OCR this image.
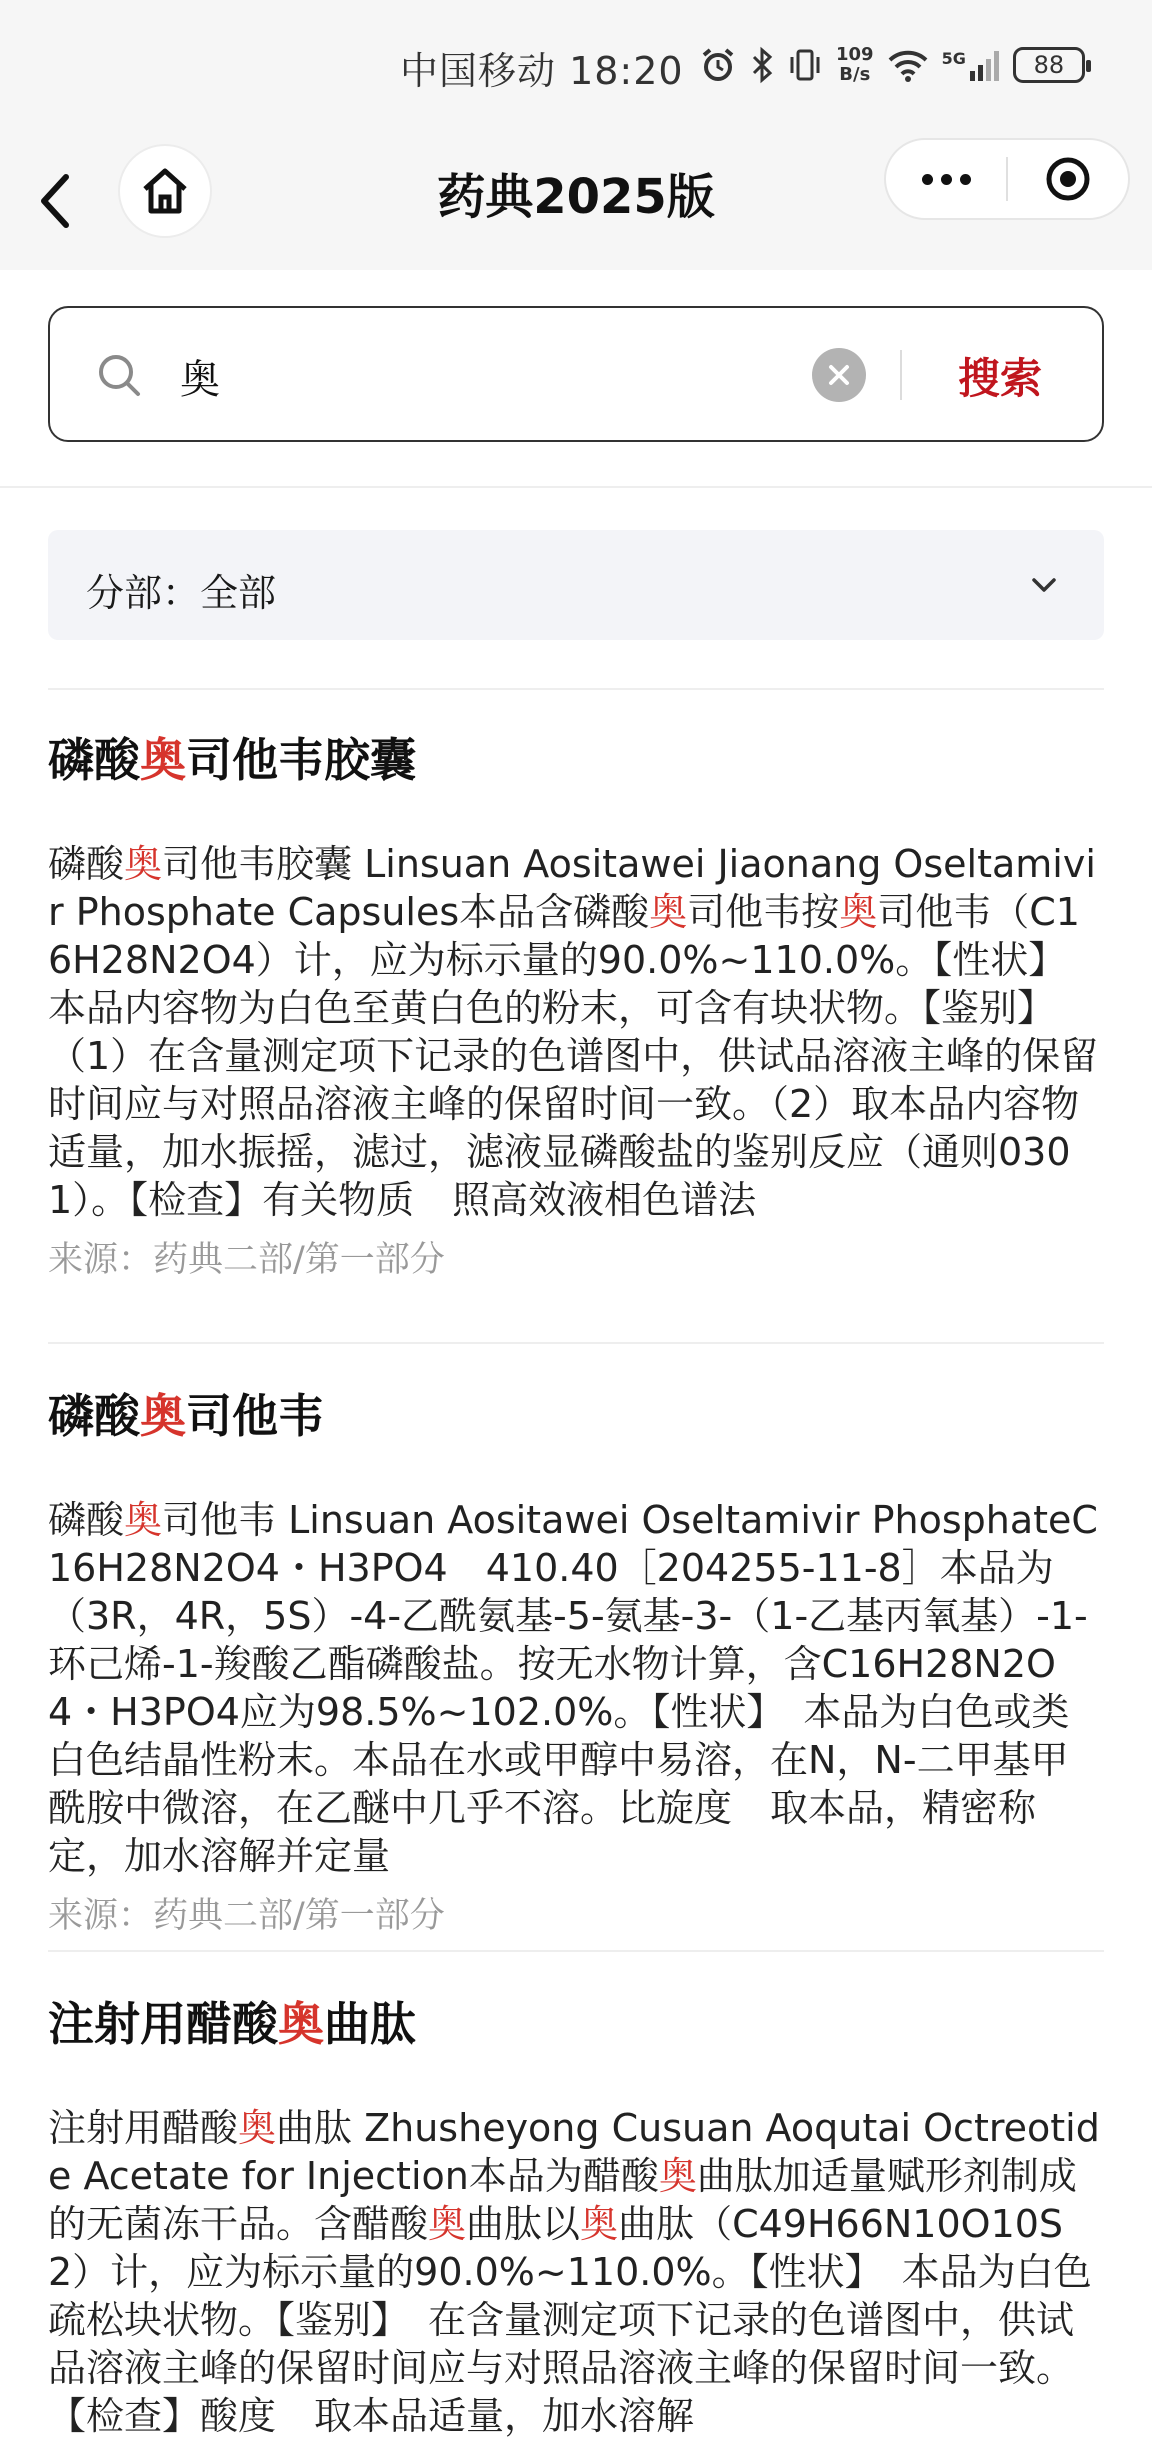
中国移动 18:20	109
B/s
5G	88
药典2025版
奥
搜索
分部：全部
磷酸奥司他韦胶囊
磷酸奥司他韦胶囊 Linsuan Aositawei Jiaonang Oseltamivir Phosphate Capsules本品含磷酸奥司他韦按奥司他韦（C16H28N2O4）计，应为标示量的90.0%~110.0%。【性状】　本品内容物为白色至黄白色的粉末，可含有块状物。【鉴别】　（1）在含量测定项下记录的色谱图中，供试品溶液主峰的保留时间应与对照品溶液主峰的保留时间一致。（2）取本品内容物适量，加水振摇，滤过，滤液显磷酸盐的鉴别反应（通则0301）。【检查】有关物质　照高效液相色谱法
来源：药典二部/第一部分
磷酸奥司他韦
磷酸奥司他韦 Linsuan Aositawei Oseltamivir PhosphateC16H28N2O4・H3PO4　410.40［204255-11-8］本品为（3R，4R，5S）-4-乙酰氨基-5-氨基-3-（1-乙基丙氧基）-1-环己烯-1-羧酸乙酯磷酸盐。按无水物计算，含C16H28N2O4・H3PO4应为98.5%~102.0%。【性状】　本品为白色或类白色结晶性粉末。本品在水或甲醇中易溶，在N，N-二甲基甲酰胺中微溶，在乙醚中几乎不溶。比旋度　取本品，精密称定，加水溶解并定量
来源：药典二部/第一部分
注射用醋酸奥曲肽
注射用醋酸奥曲肽 Zhusheyong Cusuan Aoqutai Octreotide Acetate for Injection本品为醋酸奥曲肽加适量赋形剂制成的无菌冻干品。含醋酸奥曲肽以奥曲肽（C49H66N10O10S2）计，应为标示量的90.0%~110.0%。【性状】　本品为白色疏松块状物。【鉴别】　在含量测定项下记录的色谱图中，供试品溶液主峰的保留时间应与对照品溶液主峰的保留时间一致。【检查】酸度　取本品适量，加水溶解
